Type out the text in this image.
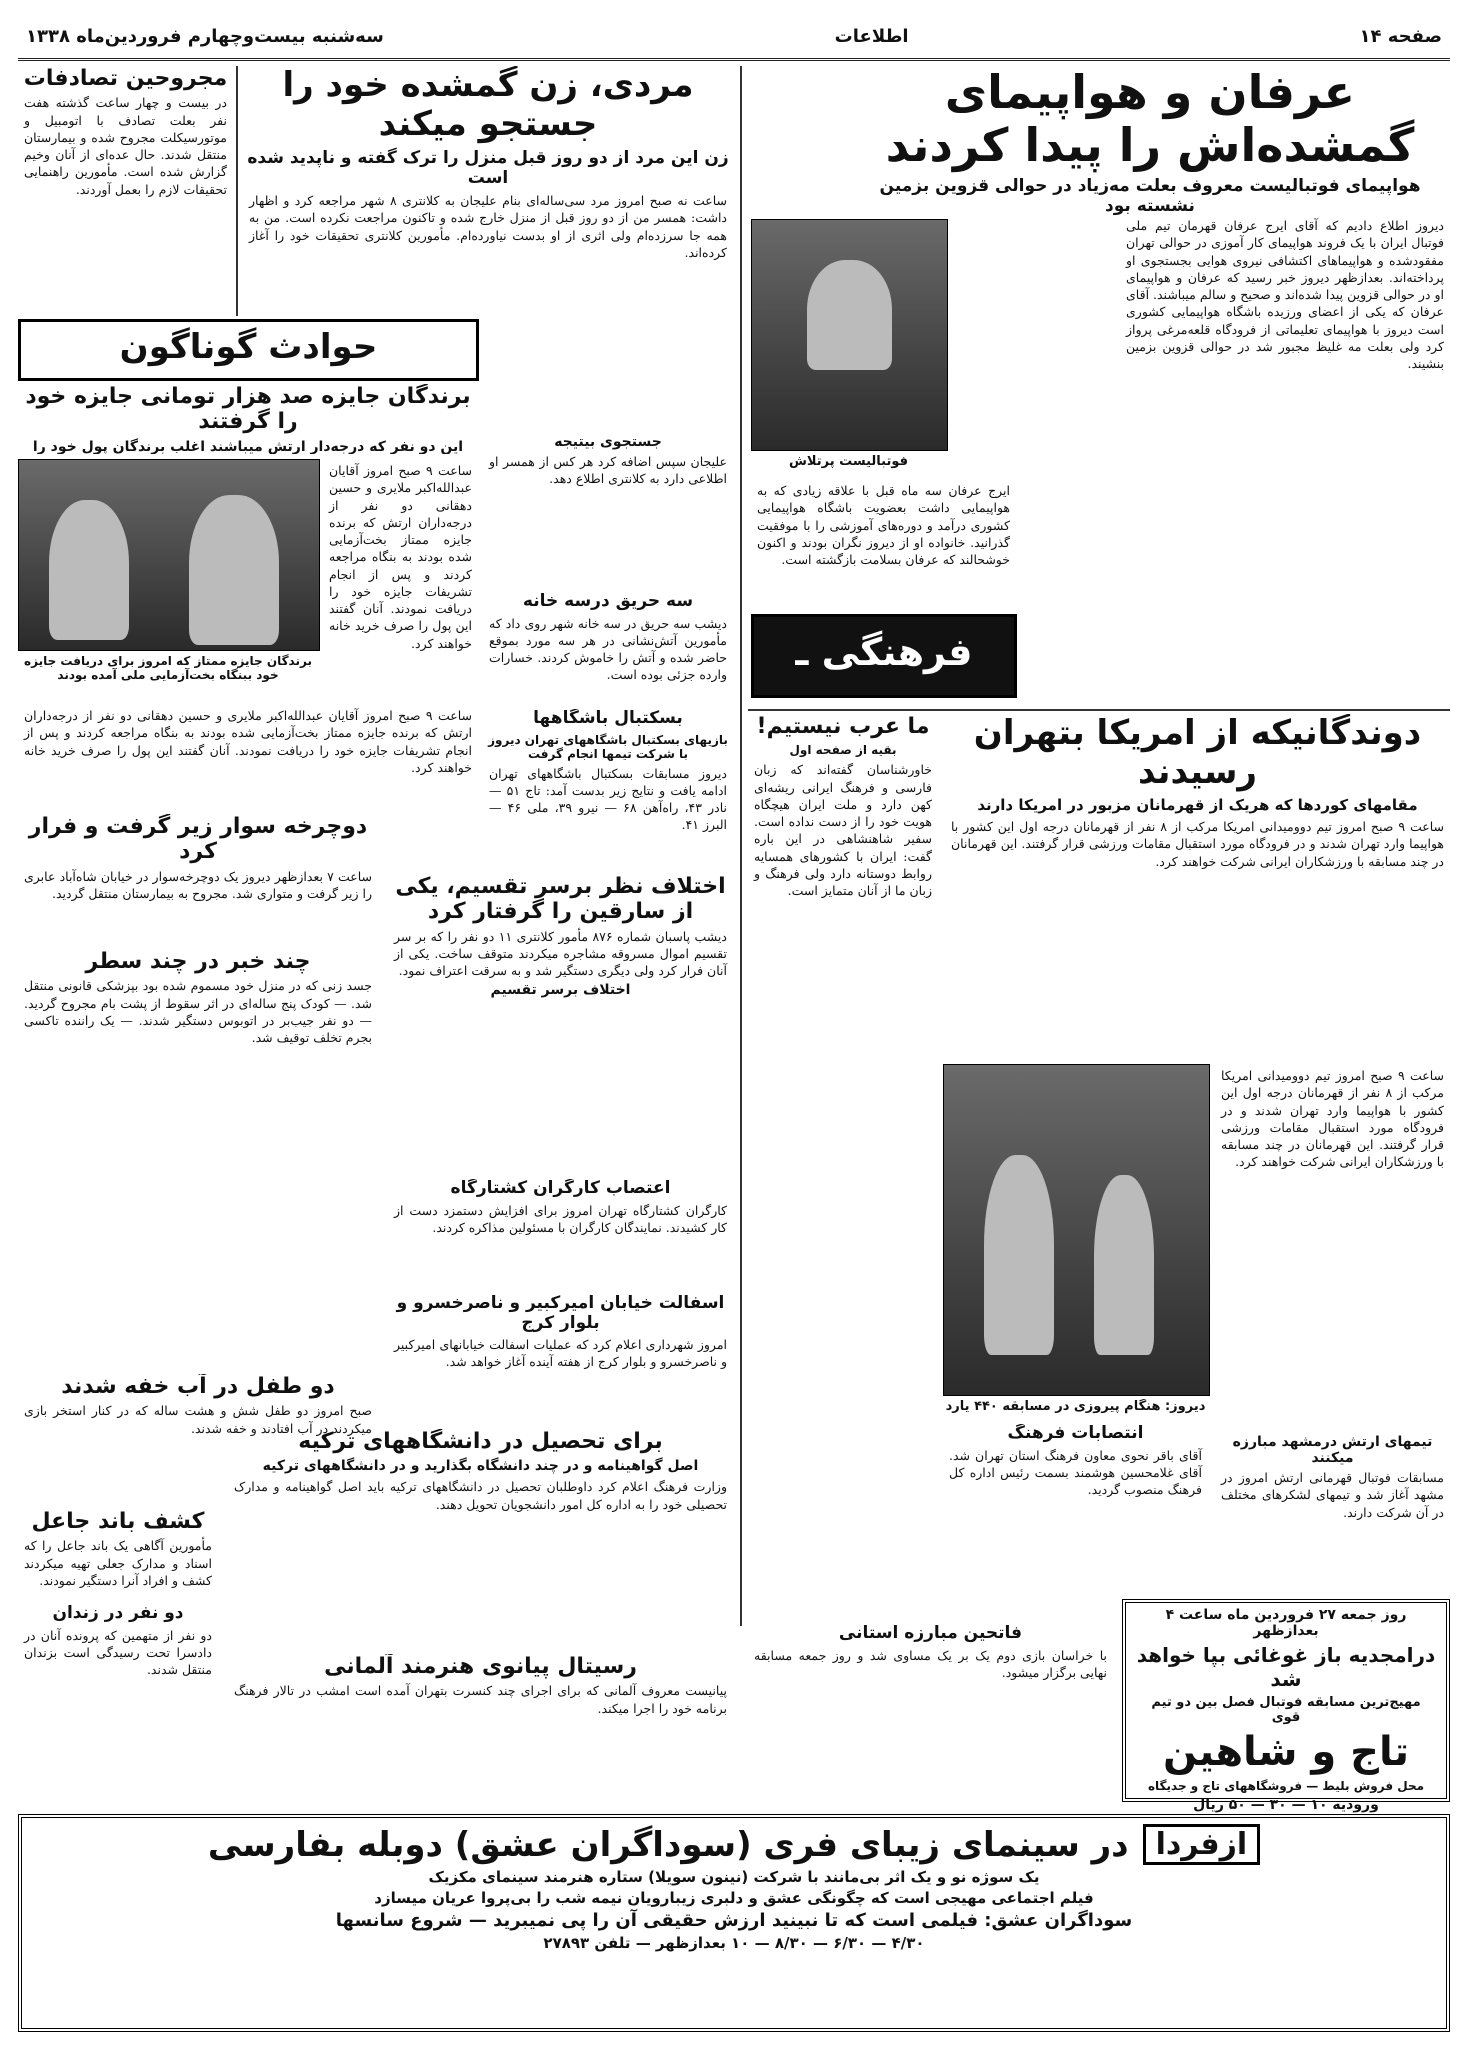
صفحه ۱۴
اطلاعات
سه‌شنبه بیست‌وچهارم فروردین‌ماه ۱۳۳۸
عرفان و هواپیمای گمشده‌اش را پیدا کردند
هواپیمای فوتبالیست معروف بعلت مه‌زیاد در حوالی قزوین بزمین نشسته بود
دیروز اطلاع دادیم که آقای ایرج عرفان قهرمان تیم ملی فوتبال ایران با یک فروند هواپیمای کار آموزی در حوالی تهران مفقودشده و هواپیماهای اکتشافی نیروی هوایی بجستجوی او پرداخته‌اند. بعدازظهر دیروز خبر رسید که عرفان و هواپیمای او در حوالی قزوین پیدا شده‌اند و صحیح و سالم میباشند. آقای عرفان که یکی از اعضای ورزیده باشگاه هواپیمایی کشوری است دیروز با هواپیمای تعلیماتی از فرودگاه قلعه‌مرغی پرواز کرد ولی بعلت مه غلیظ مجبور شد در حوالی قزوین بزمین بنشیند.
فوتبالیست پرتلاش
ایرج عرفان سه ماه قبل با علاقه زیادی که به هواپیمایی داشت بعضویت باشگاه هواپیمایی کشوری درآمد و دوره‌های آموزشی را با موفقیت گذرانید. خانواده او از دیروز نگران بودند و اکنون خوشحالند که عرفان بسلامت بازگشته است.
فرهنگی ـ
مردی، زن گمشده خود را جستجو میکند
زن این مرد از دو روز قبل منزل را ترک گفته و ناپدید شده است
ساعت نه صبح امروز مرد سی‌ساله‌ای بنام علیجان به کلانتری ۸ شهر مراجعه کرد و اظهار داشت: همسر من از دو روز قبل از منزل خارج شده و تاکنون مراجعت نکرده است. من به همه جا سرزده‌ام ولی اثری از او بدست نیاورده‌ام. مأمورین کلانتری تحقیقات خود را آغاز کرده‌اند.
مجروحین تصادفات
در بیست و چهار ساعت گذشته هفت نفر بعلت تصادف با اتومبیل و موتورسیکلت مجروح شده و بیمارستان منتقل شدند. حال عده‌ای از آنان وخیم گزارش شده است. مأمورین راهنمایی تحقیقات لازم را بعمل آوردند.
حوادث گوناگون
جستجوی بیتیجه
علیجان سپس اضافه کرد هر کس از همسر او اطلاعی دارد به کلانتری اطلاع دهد.
برندگان جایزه صد هزار تومانی جایزه خود را گرفتند
این دو نفر که درجه‌دار ارتش میباشند اغلب برندگان پول خود را
برندگان جایزه ممتاز که امروز برای دریافت جایزه خود ببنگاه بخت‌آزمایی ملی آمده بودند
ساعت ۹ صبح امروز آقایان عبدالله‌اکبر ملایری و حسین دهقانی دو نفر از درجه‌داران ارتش که برنده جایزه ممتاز بخت‌آزمایی شده بودند به بنگاه مراجعه کردند و پس از انجام تشریفات جایزه خود را دریافت نمودند. آنان گفتند این پول را صرف خرید خانه خواهند کرد.
سه حریق درسه خانه
دیشب سه حریق در سه خانه شهر روی داد که مأمورین آتش‌نشانی در هر سه مورد بموقع حاضر شده و آتش را خاموش کردند. خسارات وارده جزئی بوده است.
بسکتبال باشگاهها
بازیهای بسکتبال باشگاههای تهران دیروز با شرکت تیمها انجام گرفت
دیروز مسابقات بسکتبال باشگاههای تهران ادامه یافت و نتایج زیر بدست آمد: تاج ۵۱ — نادر ۴۳، راه‌آهن ۶۸ — نیرو ۳۹، ملی ۴۶ — البرز ۴۱.
ساعت ۹ صبح امروز آقایان عبدالله‌اکبر ملایری و حسین دهقانی دو نفر از درجه‌داران ارتش که برنده جایزه ممتاز بخت‌آزمایی شده بودند به بنگاه مراجعه کردند و پس از انجام تشریفات جایزه خود را دریافت نمودند. آنان گفتند این پول را صرف خرید خانه خواهند کرد.
اختلاف نظر برسر تقسیم، یکی از سارقین را گرفتار کرد
دیشب پاسبان شماره ۸۷۶ مأمور کلانتری ۱۱ دو نفر را که بر سر تقسیم اموال مسروقه مشاجره میکردند متوقف ساخت. یکی از آنان فرار کرد ولی دیگری دستگیر شد و به سرقت اعتراف نمود.
اختلاف برسر تقسیم
دوچرخه سوار زیر گرفت و فرار کرد
ساعت ۷ بعدازظهر دیروز یک دوچرخه‌سوار در خیابان شاه‌آباد عابری را زیر گرفت و متواری شد. مجروح به بیمارستان منتقل گردید.
چند خبر در چند سطر
جسد زنی که در منزل خود مسموم شده بود بپزشکی قانونی منتقل شد. — کودک پنج ساله‌ای در اثر سقوط از پشت بام مجروح گردید. — دو نفر جیب‌بر در اتوبوس دستگیر شدند. — یک راننده تاکسی بجرم تخلف توقیف شد.
اعتصاب کارگران کشتارگاه
کارگران کشتارگاه تهران امروز برای افزایش دستمزد دست از کار کشیدند. نمایندگان کارگران با مسئولین مذاکره کردند.
اسفالت خیابان امیرکبیر و ناصرخسرو و بلوار کرج
امروز شهرداری اعلام کرد که عملیات اسفالت خیابانهای امیرکبیر و ناصرخسرو و بلوار کرج از هفته آینده آغاز خواهد شد.
دو طفل در آب خفه شدند
صبح امروز دو طفل شش و هشت ساله که در کنار استخر بازی میکردند در آب افتادند و خفه شدند.
برای تحصیل در دانشگاههای ترکیه
اصل گواهینامه و در چند دانشگاه بگذارید و در دانشگاههای ترکیه
وزارت فرهنگ اعلام کرد داوطلبان تحصیل در دانشگاههای ترکیه باید اصل گواهینامه و مدارک تحصیلی خود را به اداره کل امور دانشجویان تحویل دهند.
کشف باند جاعل
مأمورین آگاهی یک باند جاعل را که اسناد و مدارک جعلی تهیه میکردند کشف و افراد آنرا دستگیر نمودند.
رسیتال پیانوی هنرمند آلمانی
پیانیست معروف آلمانی که برای اجرای چند کنسرت بتهران آمده است امشب در تالار فرهنگ برنامه خود را اجرا میکند.
دو نفر در زندان
دو نفر از متهمین که پرونده آنان در دادسرا تحت رسیدگی است بزندان منتقل شدند.
ما عرب نیستیم!
بقیه از صفحه اول
خاورشناسان گفته‌اند که زبان فارسی و فرهنگ ایرانی ریشه‌ای کهن دارد و ملت ایران هیچگاه هویت خود را از دست نداده است. سفیر شاهنشاهی در این باره گفت: ایران با کشورهای همسایه روابط دوستانه دارد ولی فرهنگ و زبان ما از آنان متمایز است.
دوندگانیکه از امریکا بتهران رسیدند
مقامهای کوردها که هریک از قهرمانان مزبور در امریکا دارند
ساعت ۹ صبح امروز تیم دوومیدانی امریکا مرکب از ۸ نفر از قهرمانان درجه اول این کشور با هواپیما وارد تهران شدند و در فرودگاه مورد استقبال مقامات ورزشی قرار گرفتند. این قهرمانان در چند مسابقه با ورزشکاران ایرانی شرکت خواهند کرد.
دیروز: هنگام پیروزی در مسابقه ۴۴۰ یارد
ساعت ۹ صبح امروز تیم دوومیدانی امریکا مرکب از ۸ نفر از قهرمانان درجه اول این کشور با هواپیما وارد تهران شدند و در فرودگاه مورد استقبال مقامات ورزشی قرار گرفتند. این قهرمانان در چند مسابقه با ورزشکاران ایرانی شرکت خواهند کرد.
انتصابات فرهنگ
آقای باقر نحوی معاون فرهنگ استان تهران شد. آقای غلامحسین هوشمند بسمت رئیس اداره کل فرهنگ منصوب گردید.
تیمهای ارتش درمشهد مبارزه میکنند
مسابقات فوتبال قهرمانی ارتش امروز در مشهد آغاز شد و تیمهای لشکرهای مختلف در آن شرکت دارند.
فاتحین مبارزه استانی
با خراسان بازی دوم یک بر یک مساوی شد و روز جمعه مسابقه نهایی برگزار میشود.
روز جمعه ۲۷ فروردین ماه ساعت ۴ بعدازظهر
درامجدیه باز غوغائی بپا خواهد شد
مهیج‌ترین مسابقه فوتبال فصل بین دو تیم قوی
تاج و شاهین
محل فروش بلیط — فروشگاههای تاج و جدیگاه
ورودیه ۱۰ — ۳۰ — ۵۰ ریال
ازفردا
در سینمای زیبای فری (سوداگران عشق) دوبله بفارسی
یک سوژه نو و یک اثر بی‌مانند با شرکت (نینون سویلا) ستاره هنرمند سینمای مکزیک
فیلم اجتماعی مهیجی است که چگونگی عشق و دلبری زیبارویان نیمه شب را بی‌پروا عریان میسازد
سوداگران عشق: فیلمی است که تا نبینید ارزش حقیقی آن را پی نمیبرید — شروع سانسها
۴/۳۰ — ۶/۳۰ — ۸/۳۰ — ۱۰ بعدازظهر — تلفن ۲۷۸۹۳
